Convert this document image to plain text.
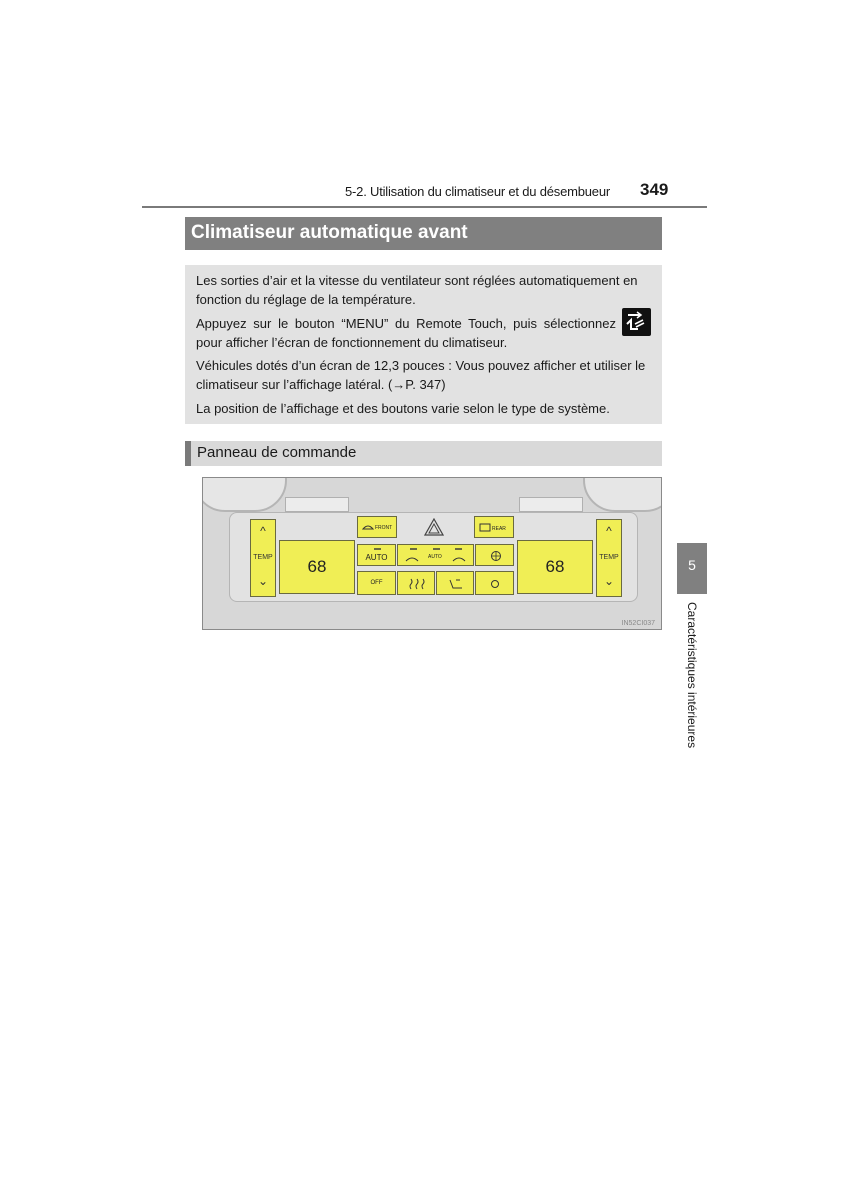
5-2. Utilisation du climatiseur et du désembueur 349
Climatiseur automatique avant

Les sorties d’air et la vitesse du ventilateur sont réglées automatiquement en fonction du réglage de la température.

Appuyez sur le bouton “MENU” du Remote Touch, puis sélectionnez pour afficher l’écran de fonctionnement du climatiseur.

Véhicules dotés d’un écran de 12,3 pouces : Vous pouvez afficher et utiliser le climatiseur sur l’affichage latéral. (→P. 347)

La position de l’affichage et des boutons varie selon le type de système.

Panneau de commande
^
TEMP
⌄
68
FRONT	REAR
AUTO	AUTO
OFF
68
^
TEMP
⌄
IN52CI037
5
Caractéristiques intérieures
